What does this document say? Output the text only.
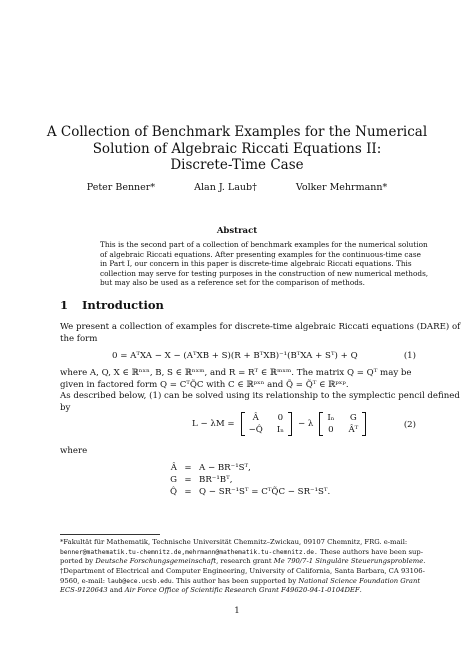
A Collection of Benchmark Examples for the Numerical
Solution of Algebraic Riccati Equations II:
Discrete-Time Case
Peter Benner*	Alan J. Laub†	Volker Mehrmann*
Abstract
This is the second part of a collection of benchmark examples for the numerical solution
of algebraic Riccati equations. After presenting examples for the continuous-time case
in Part I, our concern in this paper is discrete-time algebraic Riccati equations. This
collection may serve for testing purposes in the construction of new numerical methods,
but may also be used as a reference set for the comparison of methods.
1 Introduction
We present a collection of examples for discrete-time algebraic Riccati equations (DARE) of
the form
0 = AᵀXA − X − (AᵀXB + S)(R + BᵀXB)⁻¹(BᵀXA + Sᵀ) + Q	(1)
where A, Q, X ∈ ℝⁿˣⁿ, B, S ∈ ℝⁿˣᵐ, and R = Rᵀ ∈ ℝᵐˣᵐ. The matrix Q = Qᵀ may be
given in factored form Q = CᵀQ̃C with C ∈ ℝᵖˣⁿ and Q̃ = Q̃ᵀ ∈ ℝᵖˣᵖ.
As described below, (1) can be solved using its relationship to the symplectic pencil defined
by
L − λM =
Â	0
−Q̂ Iₙ
− λ
Iₙ G
0 Âᵀ	(2)
where
Â = A − BR⁻¹Sᵀ,
G = BR⁻¹Bᵀ,
Q̂ = Q − SR⁻¹Sᵀ = CᵀQ̃C − SR⁻¹Sᵀ.
*Fakultät für Mathematik, Technische Universität Chemnitz–Zwickau, 09107 Chemnitz, FRG. e-mail:
benner@mathematik.tu-chemnitz.de,mehrmann@mathematik.tu-chemnitz.de. These authors have been sup-
ported by Deutsche Forschungsgemeinschaft, research grant Me 790/7-1 Singuläre Steuerungsprobleme.
†Department of Electrical and Computer Engineering, University of California, Santa Barbara, CA 93106-
9560, e-mail: laub@ece.ucsb.edu. This author has been supported by National Science Foundation Grant
ECS-9120643 and Air Force Office of Scientific Research Grant F49620-94-1-0104DEF.
1
